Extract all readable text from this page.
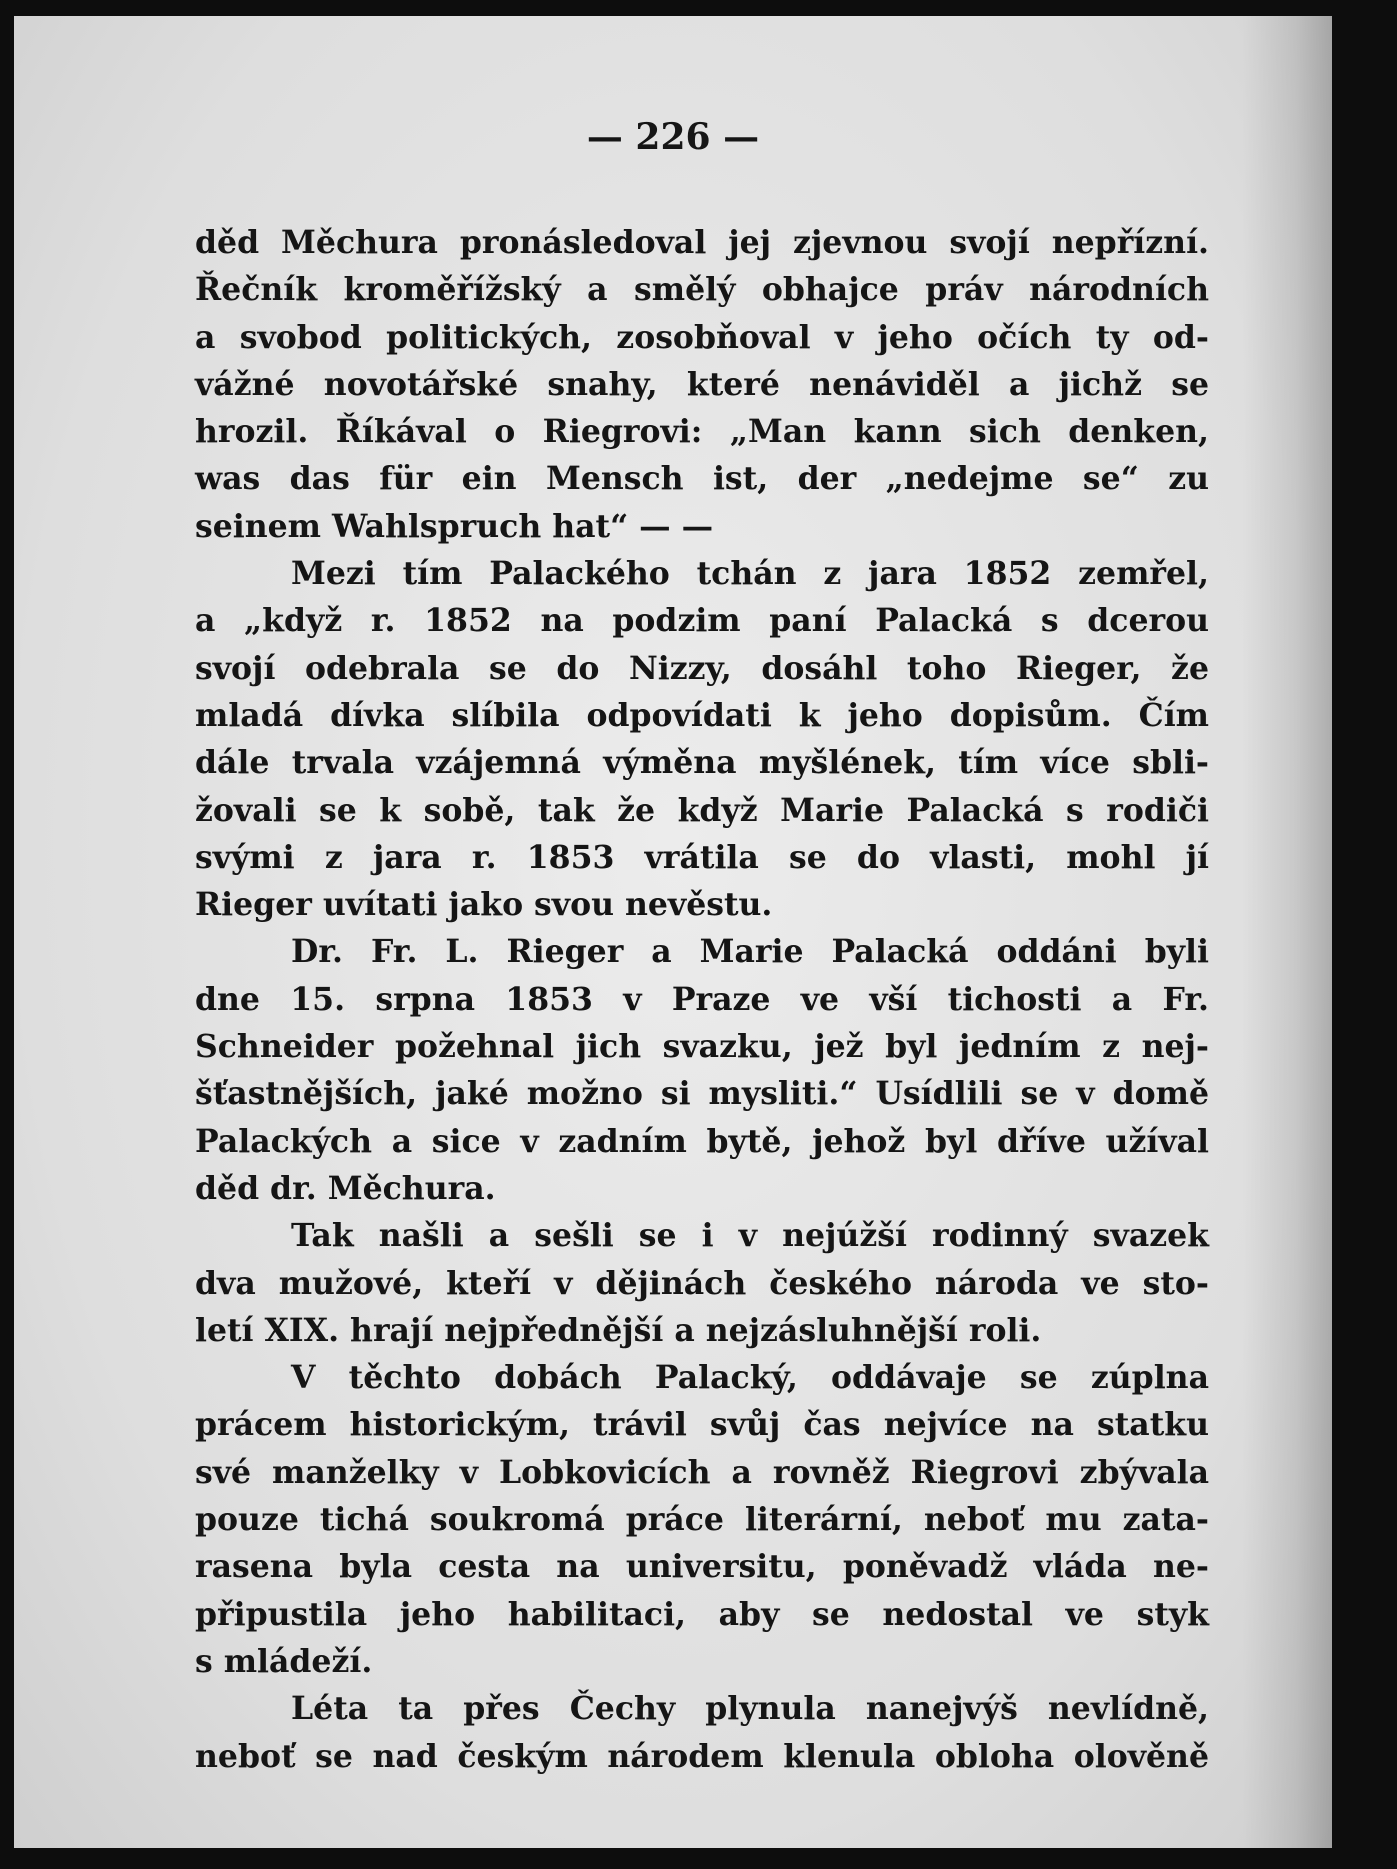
— 226 —
děd Měchura pronásledoval jej zjevnou svojí nepřízní.
Řečník kroměřížský a smělý obhajce práv národních
a svobod politických, zosobňoval v jeho očích ty od-
vážné novotářské snahy, které nenáviděl a jichž se
hrozil. Říkával o Riegrovi: „Man kann sich denken,
was das für ein Mensch ist, der „nedejme se“ zu
seinem Wahlspruch hat“ — —
Mezi tím Palackého tchán z jara 1852 zemřel,
a „když r. 1852 na podzim paní Palacká s dcerou
svojí odebrala se do Nizzy, dosáhl toho Rieger, že
mladá dívka slíbila odpovídati k jeho dopisům. Čím
dále trvala vzájemná výměna myšlének, tím více sbli-
žovali se k sobě, tak že když Marie Palacká s rodiči
svými z jara r. 1853 vrátila se do vlasti, mohl jí
Rieger uvítati jako svou nevěstu.
Dr. Fr. L. Rieger a Marie Palacká oddáni byli
dne 15. srpna 1853 v Praze ve vší tichosti a Fr.
Schneider požehnal jich svazku, jež byl jedním z nej-
šťastnějších, jaké možno si mysliti.“ Usídlili se v domě
Palackých a sice v zadním bytě, jehož byl dříve užíval
děd dr. Měchura.
Tak našli a sešli se i v nejúžší rodinný svazek
dva mužové, kteří v dějinách českého národa ve sto-
letí XIX. hrají nejpřednější a nejzásluhnější roli.
V těchto dobách Palacký, oddávaje se zúplna
prácem historickým, trávil svůj čas nejvíce na statku
své manželky v Lobkovicích a rovněž Riegrovi zbývala
pouze tichá soukromá práce literární, neboť mu zata-
rasena byla cesta na universitu, poněvadž vláda ne-
připustila jeho habilitaci, aby se nedostal ve styk
s mládeží.
Léta ta přes Čechy plynula nanejvýš nevlídně,
neboť se nad českým národem klenula obloha olověně
